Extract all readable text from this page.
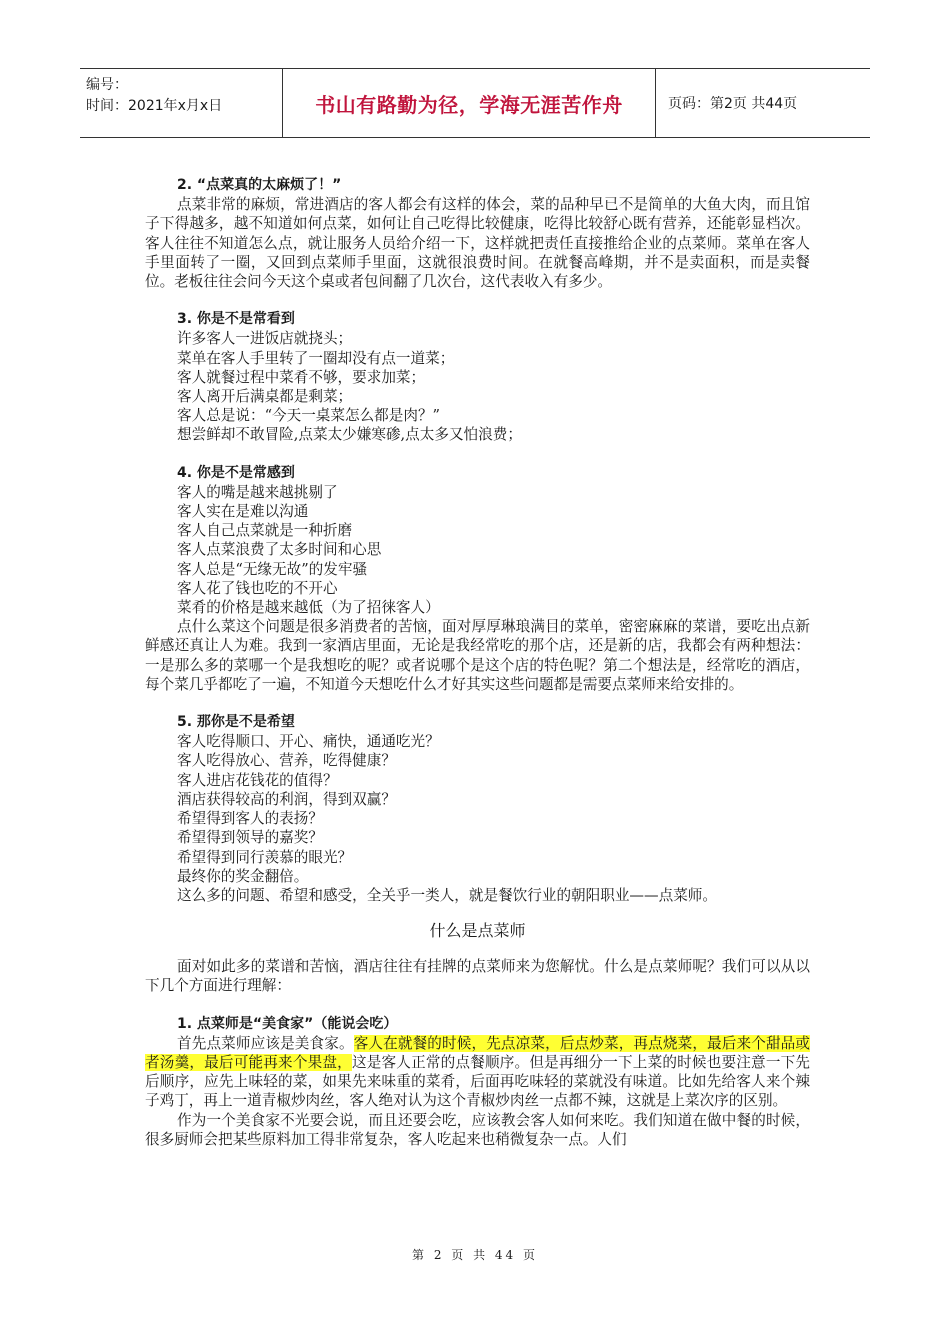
编号：
时间：2021年x月x日	书山有路勤为径，学海无涯苦作舟	页码：第2页 共44页

2. “点菜真的太麻烦了！”

点菜非常的麻烦，常进酒店的客人都会有这样的体会，菜的品种早已不是简单的大鱼大肉，而且馆子下得越多，越不知道如何点菜，如何让自己吃得比较健康，吃得比较舒心既有营养，还能彰显档次。客人往往不知道怎么点，就让服务人员给介绍一下，这样就把责任直接推给企业的点菜师。菜单在客人手里面转了一圈，又回到点菜师手里面，这就很浪费时间。在就餐高峰期，并不是卖面积，而是卖餐位。老板往往会问今天这个桌或者包间翻了几次台，这代表收入有多少。

3. 你是不是常看到

许多客人一进饭店就挠头；

菜单在客人手里转了一圈却没有点一道菜；

客人就餐过程中菜肴不够，要求加菜；

客人离开后满桌都是剩菜；

客人总是说：“今天一桌菜怎么都是肉？”

想尝鲜却不敢冒险,点菜太少嫌寒碜,点太多又怕浪费；

4. 你是不是常感到

客人的嘴是越来越挑剔了

客人实在是难以沟通

客人自己点菜就是一种折磨

客人点菜浪费了太多时间和心思

客人总是“无缘无故”的发牢骚

客人花了钱也吃的不开心

菜肴的价格是越来越低（为了招徕客人）

点什么菜这个问题是很多消费者的苦恼，面对厚厚琳琅满目的菜单，密密麻麻的菜谱，要吃出点新鲜感还真让人为难。我到一家酒店里面，无论是我经常吃的那个店，还是新的店，我都会有两种想法：一是那么多的菜哪一个是我想吃的呢？或者说哪个是这个店的特色呢？第二个想法是，经常吃的酒店，每个菜几乎都吃了一遍，不知道今天想吃什么才好其实这些问题都是需要点菜师来给安排的。

5. 那你是不是希望

客人吃得顺口、开心、痛快，通通吃光？

客人吃得放心、营养，吃得健康？

客人进店花钱花的值得？

酒店获得较高的利润，得到双赢？

希望得到客人的表扬？

希望得到领导的嘉奖？

希望得到同行羡慕的眼光？

最终你的奖金翻倍。

这么多的问题、希望和感受，全关乎一类人，就是餐饮行业的朝阳职业——点菜师。

什么是点菜师

面对如此多的菜谱和苦恼，酒店往往有挂牌的点菜师来为您解忧。什么是点菜师呢？我们可以从以下几个方面进行理解：

1. 点菜师是“美食家”（能说会吃）

首先点菜师应该是美食家。客人在就餐的时候，先点凉菜，后点炒菜，再点烧菜，最后来个甜品或者汤羹，最后可能再来个果盘，这是客人正常的点餐顺序。但是再细分一下上菜的时候也要注意一下先后顺序，应先上味轻的菜，如果先来味重的菜肴，后面再吃味轻的菜就没有味道。比如先给客人来个辣子鸡丁，再上一道青椒炒肉丝，客人绝对认为这个青椒炒肉丝一点都不辣，这就是上菜次序的区别。

作为一个美食家不光要会说，而且还要会吃，应该教会客人如何来吃。我们知道在做中餐的时候，很多厨师会把某些原料加工得非常复杂，客人吃起来也稍微复杂一点。人们

第 2 页 共 44 页
